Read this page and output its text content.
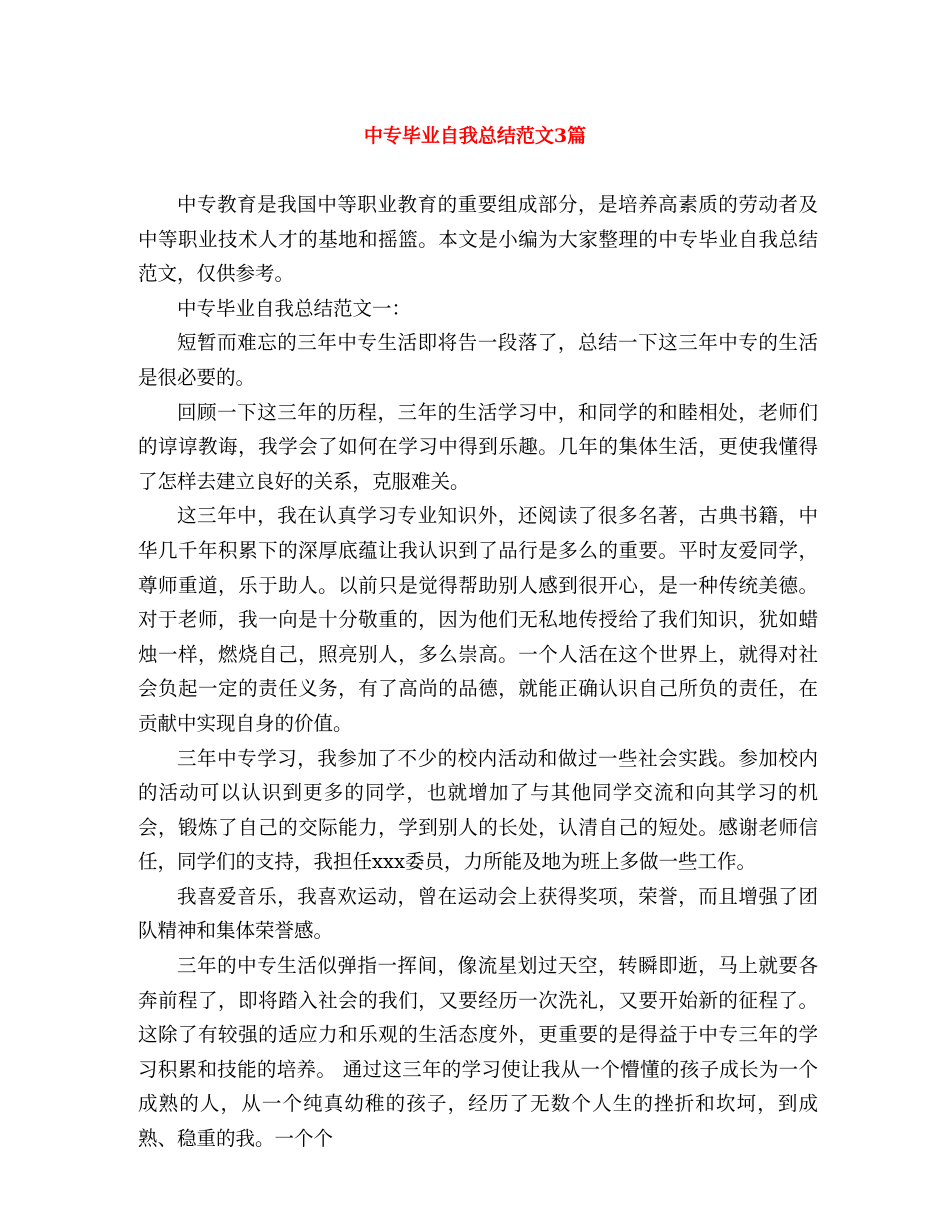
中专毕业自我总结范文3篇

中专教育是我国中等职业教育的重要组成部分，是培养高素质的劳动者及中等职业技术人才的基地和摇篮。本文是小编为大家整理的中专毕业自我总结范文，仅供参考。

中专毕业自我总结范文一：

短暂而难忘的三年中专生活即将告一段落了，总结一下这三年中专的生活是很必要的。

回顾一下这三年的历程，三年的生活学习中，和同学的和睦相处，老师们的谆谆教诲，我学会了如何在学习中得到乐趣。几年的集体生活，更使我懂得了怎样去建立良好的关系，克服难关。

这三年中，我在认真学习专业知识外，还阅读了很多名著，古典书籍，中华几千年积累下的深厚底蕴让我认识到了品行是多么的重要。平时友爱同学，尊师重道，乐于助人。以前只是觉得帮助别人感到很开心，是一种传统美德。对于老师，我一向是十分敬重的，因为他们无私地传授给了我们知识，犹如蜡烛一样，燃烧自己，照亮别人，多么崇高。一个人活在这个世界上，就得对社会负起一定的责任义务，有了高尚的品德，就能正确认识自己所负的责任，在贡献中实现自身的价值。

三年中专学习，我参加了不少的校内活动和做过一些社会实践。参加校内的活动可以认识到更多的同学，也就增加了与其他同学交流和向其学习的机会，锻炼了自己的交际能力，学到别人的长处，认清自己的短处。感谢老师信任，同学们的支持，我担任xxx委员，力所能及地为班上多做一些工作。

我喜爱音乐，我喜欢运动，曾在运动会上获得奖项，荣誉，而且增强了团队精神和集体荣誉感。

三年的中专生活似弹指一挥间，像流星划过天空，转瞬即逝，马上就要各奔前程了，即将踏入社会的我们，又要经历一次洗礼，又要开始新的征程了。这除了有较强的适应力和乐观的生活态度外，更重要的是得益于中专三年的学习积累和技能的培养。 通过这三年的学习使让我从一个懵懂的孩子成长为一个成熟的人，从一个纯真幼稚的孩子，经历了无数个人生的挫折和坎坷，到成熟、稳重的我。一个个
